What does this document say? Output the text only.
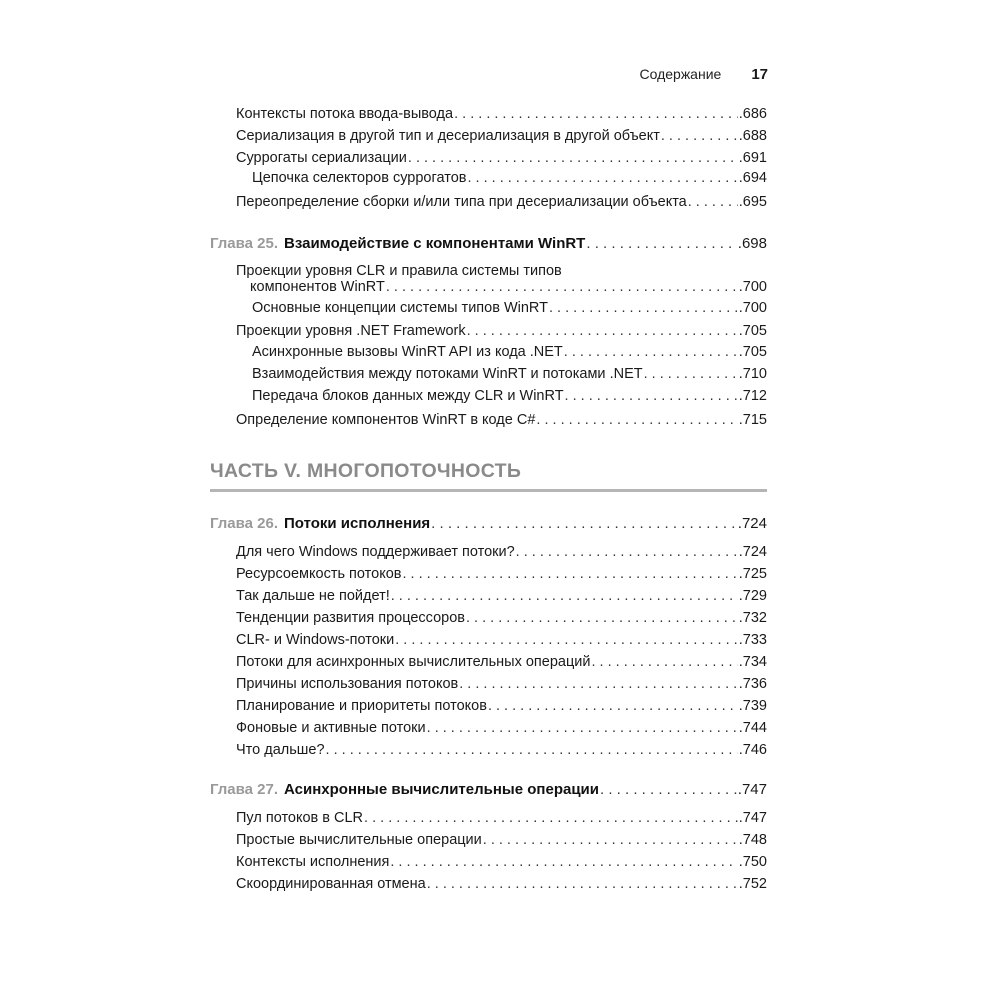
Содержание 17
Контексты потока ввода-вывода . . .	.686
Сериализация в другой тип и десериализация в другой объект . . .	.688
Суррогаты сериализации . . .	.691
Цепочка селекторов суррогатов . . .	.694
Переопределение сборки и/или типа при десериализации объекта . . .	.695
Глава 25. Взаимодействие с компонентами WinRT . . .	.698
Проекции уровня CLR и правила системы типов
компонентов WinRT . . .	.700
Основные концепции системы типов WinRT . . .	.700
Проекции уровня .NET Framework . . .	.705
Асинхронные вызовы WinRT API из кода .NET . . .	.705
Взаимодействия между потоками WinRT и потоками .NET . . .	.710
Передача блоков данных между CLR и WinRT . . .	.712
Определение компонентов WinRT в коде C# . . .	.715
ЧАСТЬ V. МНОГОПОТОЧНОСТЬ
Глава 26. Потоки исполнения . . .	.724
Для чего Windows поддерживает потоки? . . .	.724
Ресурсоемкость потоков . . .	.725
Так дальше не пойдет! . . .	.729
Тенденции развития процессоров . . .	.732
CLR- и Windows-потоки . . .	.733
Потоки для асинхронных вычислительных операций . . .	.734
Причины использования потоков . . .	.736
Планирование и приоритеты потоков . . .	.739
Фоновые и активные потоки . . .	.744
Что дальше? . . .	.746
Глава 27. Асинхронные вычислительные операции . . .	.747
Пул потоков в CLR . . .	.747
Простые вычислительные операции . . .	.748
Контексты исполнения . . .	.750
Скоординированная отмена . . .	.752
